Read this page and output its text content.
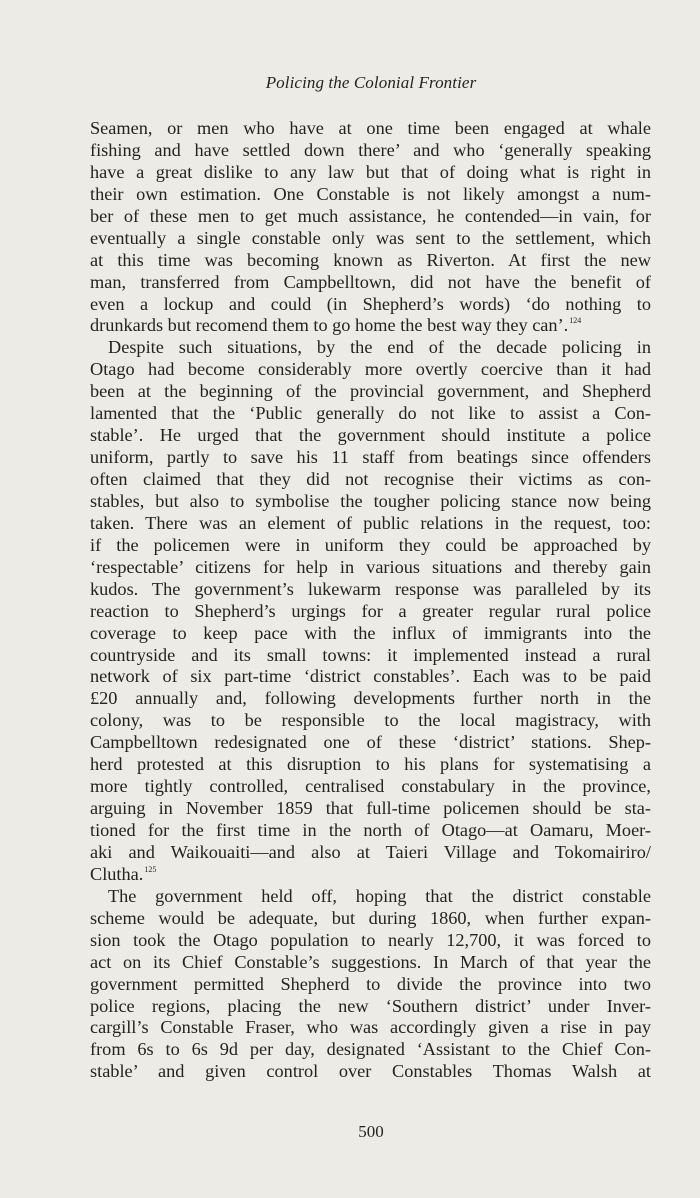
Policing the Colonial Frontier
Seamen, or men who have at one time been engaged at whale
fishing and have settled down there’ and who ‘generally speaking
have a great dislike to any law but that of doing what is right in
their own estimation. One Constable is not likely amongst a num-
ber of these men to get much assistance, he contended—in vain, for
eventually a single constable only was sent to the settlement, which
at this time was becoming known as Riverton. At first the new
man, transferred from Campbelltown, did not have the benefit of
even a lockup and could (in Shepherd’s words) ‘do nothing to
drunkards but recomend them to go home the best way they can’.$^{124}$
Despite such situations, by the end of the decade policing in
Otago had become considerably more overtly coercive than it had
been at the beginning of the provincial government, and Shepherd
lamented that the ‘Public generally do not like to assist a Con-
stable’. He urged that the government should institute a police
uniform, partly to save his 11 staff from beatings since offenders
often claimed that they did not recognise their victims as con-
stables, but also to symbolise the tougher policing stance now being
taken. There was an element of public relations in the request, too:
if the policemen were in uniform they could be approached by
‘respectable’ citizens for help in various situations and thereby gain
kudos. The government’s lukewarm response was paralleled by its
reaction to Shepherd’s urgings for a greater regular rural police
coverage to keep pace with the influx of immigrants into the
countryside and its small towns: it implemented instead a rural
network of six part-time ‘district constables’. Each was to be paid
£20 annually and, following developments further north in the
colony, was to be responsible to the local magistracy, with
Campbelltown redesignated one of these ‘district’ stations. Shep-
herd protested at this disruption to his plans for systematising a
more tightly controlled, centralised constabulary in the province,
arguing in November 1859 that full-time policemen should be sta-
tioned for the first time in the north of Otago—at Oamaru, Moer-
aki and Waikouaiti—and also at Taieri Village and Tokomairiro/
Clutha.$^{125}$
The government held off, hoping that the district constable
scheme would be adequate, but during 1860, when further expan-
sion took the Otago population to nearly 12,700, it was forced to
act on its Chief Constable’s suggestions. In March of that year the
government permitted Shepherd to divide the province into two
police regions, placing the new ‘Southern district’ under Inver-
cargill’s Constable Fraser, who was accordingly given a rise in pay
from 6s to 6s 9d per day, designated ‘Assistant to the Chief Con-
stable’ and given control over Constables Thomas Walsh at
500
